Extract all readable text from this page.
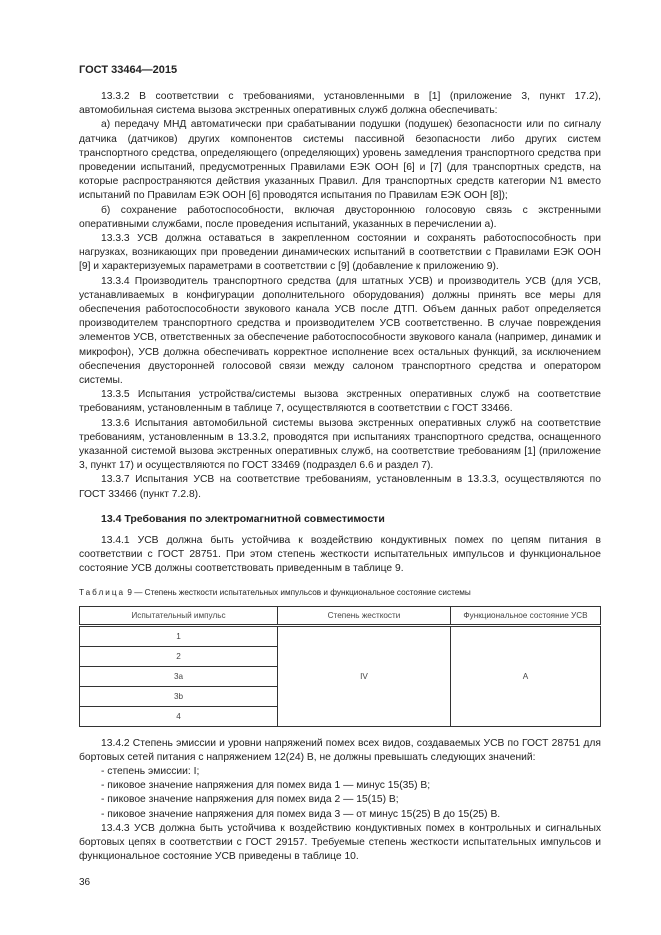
ГОСТ 33464—2015

13.3.2 В соответствии с требованиями, установленными в [1] (приложение 3, пункт 17.2), автомобильная система вызова экстренных оперативных служб должна обеспечивать:

а) передачу МНД автоматически при срабатывании подушки (подушек) безопасности или по сигналу датчика (датчиков) других компонентов системы пассивной безопасности либо других систем транспортного средства, определяющего (определяющих) уровень замедления транспортного средства при проведении испытаний, предусмотренных Правилами ЕЭК ООН [6] и [7] (для транспортных средств, на которые распространяются действия указанных Правил. Для транспортных средств категории N1 вместо испытаний по Правилам ЕЭК ООН [6] проводятся испытания по Правилам ЕЭК ООН [8]);

б) сохранение работоспособности, включая двустороннюю голосовую связь с экстренными оперативными службами, после проведения испытаний, указанных в перечислении а).

13.3.3 УСВ должна оставаться в закрепленном состоянии и сохранять работоспособность при нагрузках, возникающих при проведении динамических испытаний в соответствии с Правилами ЕЭК ООН [9] и характеризуемых параметрами в соответствии с [9] (добавление к приложению 9).

13.3.4 Производитель транспортного средства (для штатных УСВ) и производитель УСВ (для УСВ, устанавливаемых в конфигурации дополнительного оборудования) должны принять все меры для обеспечения работоспособности звукового канала УСВ после ДТП. Объем данных работ определяется производителем транспортного средства и производителем УСВ соответственно. В случае повреждения элементов УСВ, ответственных за обеспечение работоспособности звукового канала (например, динамик и микрофон), УСВ должна обеспечивать корректное исполнение всех остальных функций, за исключением обеспечения двусторонней голосовой связи между салоном транспортного средства и оператором системы.

13.3.5 Испытания устройства/системы вызова экстренных оперативных служб на соответствие требованиям, установленным в таблице 7, осуществляются в соответствии с ГОСТ 33466.

13.3.6 Испытания автомобильной системы вызова экстренных оперативных служб на соответствие требованиям, установленным в 13.3.2, проводятся при испытаниях транспортного средства, оснащенного указанной системой вызова экстренных оперативных служб, на соответствие требованиям [1] (приложение 3, пункт 17) и осуществляются по ГОСТ 33469 (подраздел 6.6 и раздел 7).

13.3.7 Испытания УСВ на соответствие требованиям, установленным в 13.3.3, осуществляются по ГОСТ 33466 (пункт 7.2.8).

13.4 Требования по электромагнитной совместимости

13.4.1 УСВ должна быть устойчива к воздействию кондуктивных помех по цепям питания в соответствии с ГОСТ 28751. При этом степень жесткости испытательных импульсов и функциональное состояние УСВ должны соответствовать приведенным в таблице 9.

Таблица 9 — Степень жесткости испытательных импульсов и функциональное состояние системы
Испытательный импульс	Степень жесткости	Функциональное состояние УСВ
1	IV	А
2		
3a		
3b		
4		

13.4.2 Степень эмиссии и уровни напряжений помех всех видов, создаваемых УСВ по ГОСТ 28751 для бортовых сетей питания с напряжением 12(24) В, не должны превышать следующих значений:

- степень эмиссии: I;

- пиковое значение напряжения для помех вида 1 — минус 15(35) В;

- пиковое значение напряжения для помех вида 2 — 15(15) В;

- пиковое значение напряжения для помех вида 3 — от минус 15(25) В до 15(25) В.

13.4.3 УСВ должна быть устойчива к воздействию кондуктивных помех в контрольных и сигнальных бортовых цепях в соответствии с ГОСТ 29157. Требуемые степень жесткости испытательных импульсов и функциональное состояние УСВ приведены в таблице 10.

36
